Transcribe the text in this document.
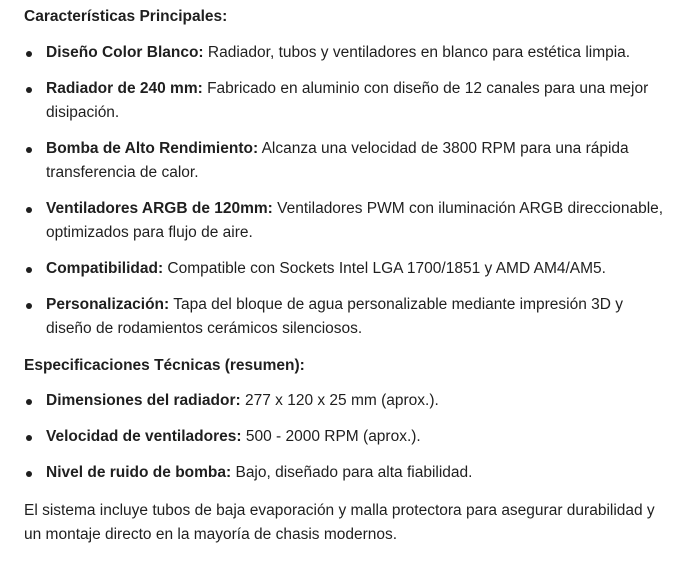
Características Principales:
Diseño Color Blanco: Radiador, tubos y ventiladores en blanco para estética limpia.
Radiador de 240 mm: Fabricado en aluminio con diseño de 12 canales para una mejor disipación.
Bomba de Alto Rendimiento: Alcanza una velocidad de 3800 RPM para una rápida transferencia de calor.
Ventiladores ARGB de 120mm: Ventiladores PWM con iluminación ARGB direccionable, optimizados para flujo de aire.
Compatibilidad: Compatible con Sockets Intel LGA 1700/1851 y AMD AM4/AM5.
Personalización: Tapa del bloque de agua personalizable mediante impresión 3D y diseño de rodamientos cerámicos silenciosos.
Especificaciones Técnicas (resumen):
Dimensiones del radiador: 277 x 120 x 25 mm (aprox.).
Velocidad de ventiladores: 500 - 2000 RPM (aprox.).
Nivel de ruido de bomba: Bajo, diseñado para alta fiabilidad.

El sistema incluye tubos de baja evaporación y malla protectora para asegurar durabilidad y un montaje directo en la mayoría de chasis modernos.
